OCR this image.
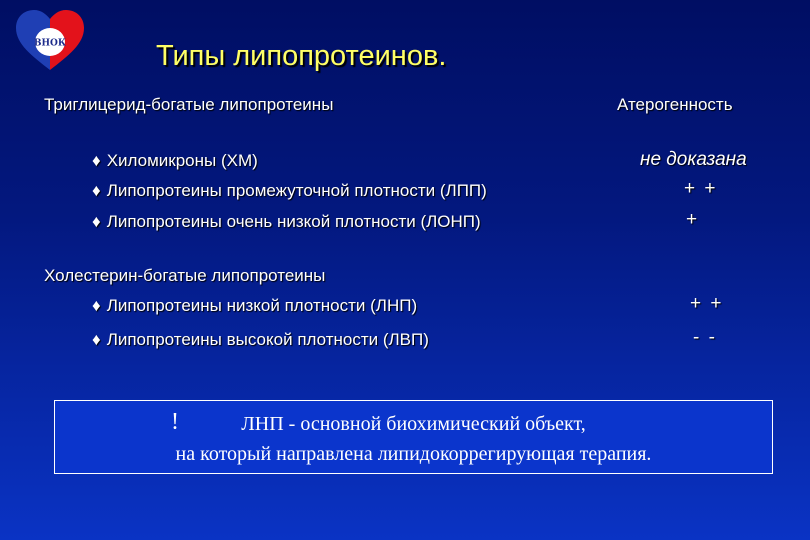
ВНОК	Типы липопротеинов.
Триглицерид-богатые липопротеины	Атерогенность
♦ Хиломикроны (ХМ)	не доказана
♦ Липопротеины промежуточной плотности (ЛПП)	+ +
♦ Липопротеины очень низкой плотности (ЛОНП)	+
Холестерин-богатые липопротеины
♦ Липопротеины низкой плотности (ЛНП)	+ +
♦ Липопротеины высокой плотности (ЛВП)	- -
!	ЛНП - основной биохимический объект,
на который направлена липидокоррегирующая терапия.
